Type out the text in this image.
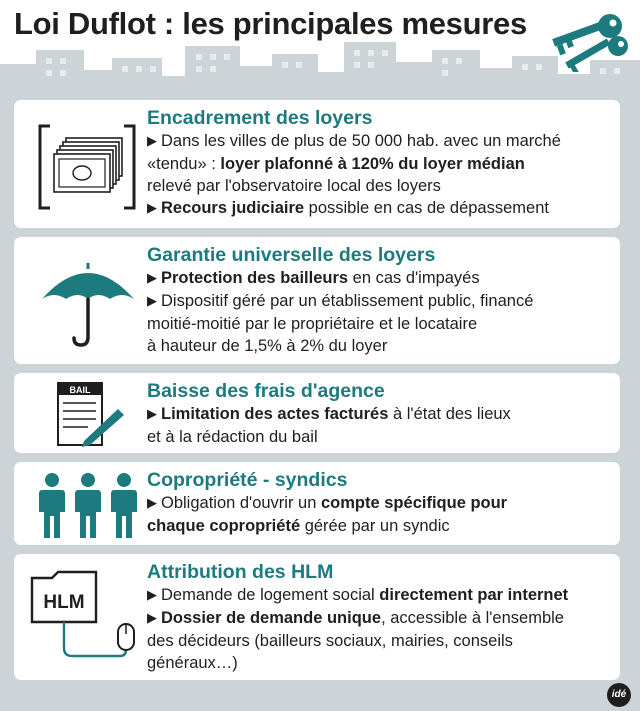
Loi Duflot : les principales mesures
Encadrement des loyers
▶ Dans les villes de plus de 50 000 hab. avec un marché
«tendu» : loyer plafonné à 120% du loyer médian
relevé par l'observatoire local des loyers
▶ Recours judiciaire possible en cas de dépassement
Garantie universelle des loyers
▶ Protection des bailleurs en cas d'impayés
▶ Dispositif géré par un établissement public, financé
moitié-moitié par le propriétaire et le locataire
à hauteur de 1,5% à 2% du loyer
BAIL	Baisse des frais d'agence
▶ Limitation des actes facturés à l'état des lieux
et à la rédaction du bail
Copropriété - syndics
▶ Obligation d'ouvrir un compte spécifique pour
chaque copropriété gérée par un syndic
HLM
Attribution des HLM
▶ Demande de logement social directement par internet
▶ Dossier de demande unique, accessible à l'ensemble
des décideurs (bailleurs sociaux, mairies, conseils
généraux…)
idé
